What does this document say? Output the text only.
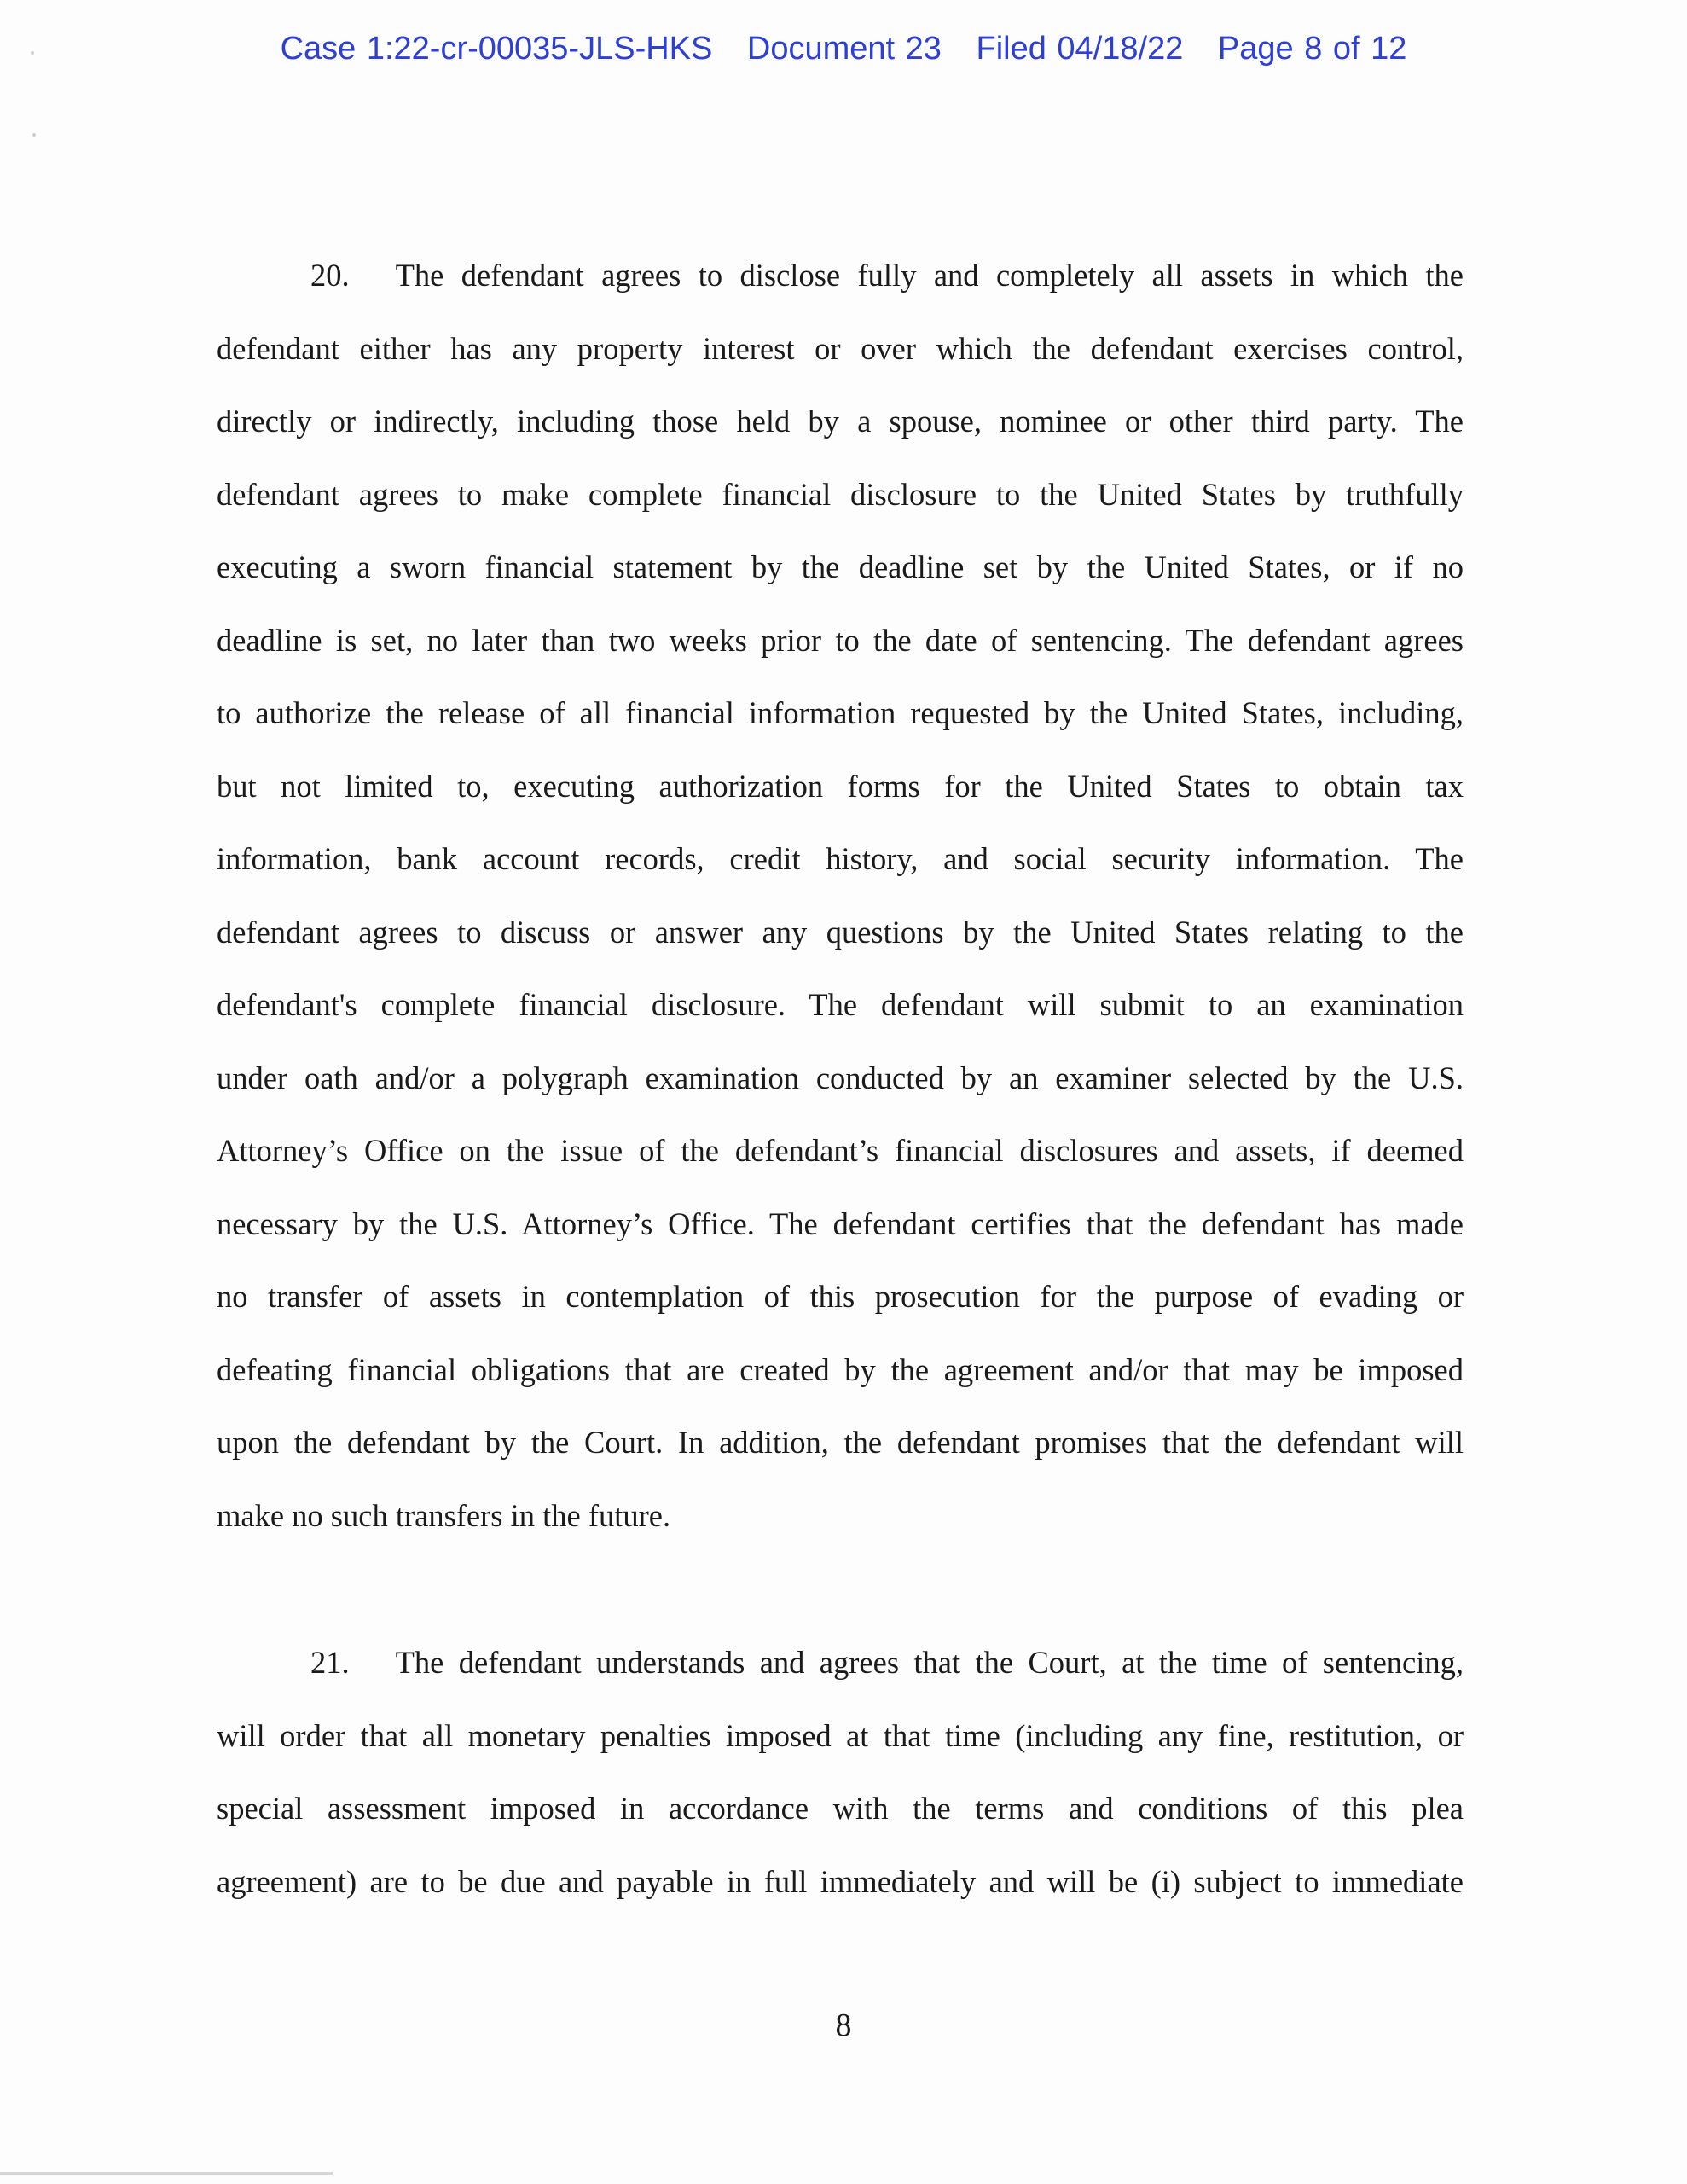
Case 1:22-cr-00035-JLS-HKS Document 23 Filed 04/18/22 Page 8 of 12
20. The defendant agrees to disclose fully and completely all assets in which the
defendant either has any property interest or over which the defendant exercises control,
directly or indirectly, including those held by a spouse, nominee or other third party. The
defendant agrees to make complete financial disclosure to the United States by truthfully
executing a sworn financial statement by the deadline set by the United States, or if no
deadline is set, no later than two weeks prior to the date of sentencing. The defendant agrees
to authorize the release of all financial information requested by the United States, including,
but not limited to, executing authorization forms for the United States to obtain tax
information, bank account records, credit history, and social security information. The
defendant agrees to discuss or answer any questions by the United States relating to the
defendant's complete financial disclosure. The defendant will submit to an examination
under oath and/or a polygraph examination conducted by an examiner selected by the U.S.
Attorney’s Office on the issue of the defendant’s financial disclosures and assets, if deemed
necessary by the U.S. Attorney’s Office. The defendant certifies that the defendant has made
no transfer of assets in contemplation of this prosecution for the purpose of evading or
defeating financial obligations that are created by the agreement and/or that may be imposed
upon the defendant by the Court. In addition, the defendant promises that the defendant will
make no such transfers in the future.
21. The defendant understands and agrees that the Court, at the time of sentencing,
will order that all monetary penalties imposed at that time (including any fine, restitution, or
special assessment imposed in accordance with the terms and conditions of this plea
agreement) are to be due and payable in full immediately and will be (i) subject to immediate
8
